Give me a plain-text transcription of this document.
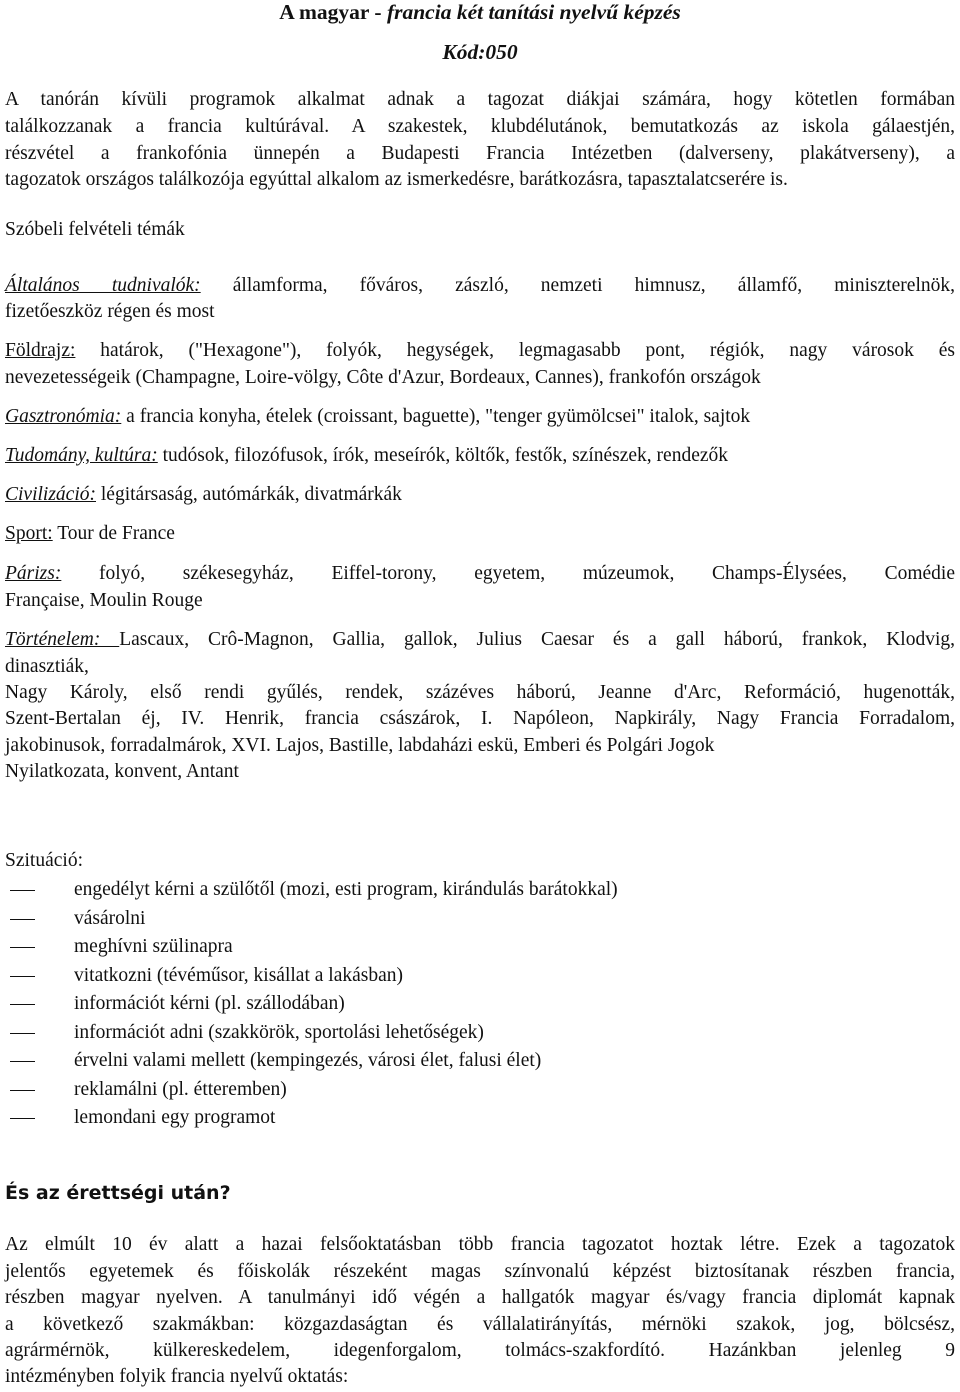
A magyar - francia két tanítási nyelvű képzés
Kód:050

A tanórán kívüli programok alkalmat adnak a tagozat diákjai számára, hogy kötetlen formában

találkozzanak a francia kultúrával. A szakestek, klubdélutánok, bemutatkozás az iskola gálaestjén,

részvétel a frankofónia ünnepén a Budapesti Francia Intézetben (dalverseny, plakátverseny), a

tagozatok országos találkozója egyúttal alkalom az ismerkedésre, barátkozásra, tapasztalatcserére is.

Szóbeli felvételi témák

Általános tudnivalók: államforma, főváros, zászló, nemzeti himnusz, államfő, miniszterelnök,

fizetőeszköz régen és most

Földrajz: határok, ("Hexagone"), folyók, hegységek, legmagasabb pont, régiók, nagy városok és

nevezetességeik (Champagne, Loire-völgy, Côte d'Azur, Bordeaux, Cannes), frankofón országok

Gasztronómia: a francia konyha, ételek (croissant, baguette), "tenger gyümölcsei" italok, sajtok

Tudomány, kultúra: tudósok, filozófusok, írók, meseírók, költők, festők, színészek, rendezők

Civilizáció: légitársaság, autómárkák, divatmárkák

Sport: Tour de France

Párizs: folyó, székesegyház, Eiffel-torony, egyetem, múzeumok, Champs-Élysées, Comédie

Française, Moulin Rouge

Történelem: Lascaux, Crô-Magnon, Gallia, gallok, Julius Caesar és a gall háború, frankok, Klodvig,

dinasztiák,

Nagy Károly, első rendi gyűlés, rendek, százéves háború, Jeanne d'Arc, Reformáció, hugenották,

Szent-Bertalan éj, IV. Henrik, francia császárok, I. Napóleon, Napkirály, Nagy Francia Forradalom,

jakobinusok, forradalmárok, XVI. Lajos, Bastille, labdaházi eskü, Emberi és Polgári Jogok

Nyilatkozata, konvent, Antant

Szituáció:

engedélyt kérni a szülőtől (mozi, esti program, kirándulás barátokkal)
vásárolni
meghívni szülinapra
vitatkozni (tévéműsor, kisállat a lakásban)
információt kérni (pl. szállodában)
információt adni (szakkörök, sportolási lehetőségek)
érvelni valami mellett (kempingezés, városi élet, falusi élet)
reklamálni (pl. étteremben)
lemondani egy programot
És az érettségi után?

Az elmúlt 10 év alatt a hazai felsőoktatásban több francia tagozatot hoztak létre. Ezek a tagozatok

jelentős egyetemek és főiskolák részeként magas színvonalú képzést biztosítanak részben francia,

részben magyar nyelven. A tanulmányi idő végén a hallgatók magyar és/vagy francia diplomát kapnak

a következő szakmákban: közgazdaságtan és vállalatirányítás, mérnöki szakok, jog, bölcsész,

agrármérnök, külkereskedelem, idegenforgalom, tolmács-szakfordító. Hazánkban jelenleg 9

intézményben folyik francia nyelvű oktatás:
